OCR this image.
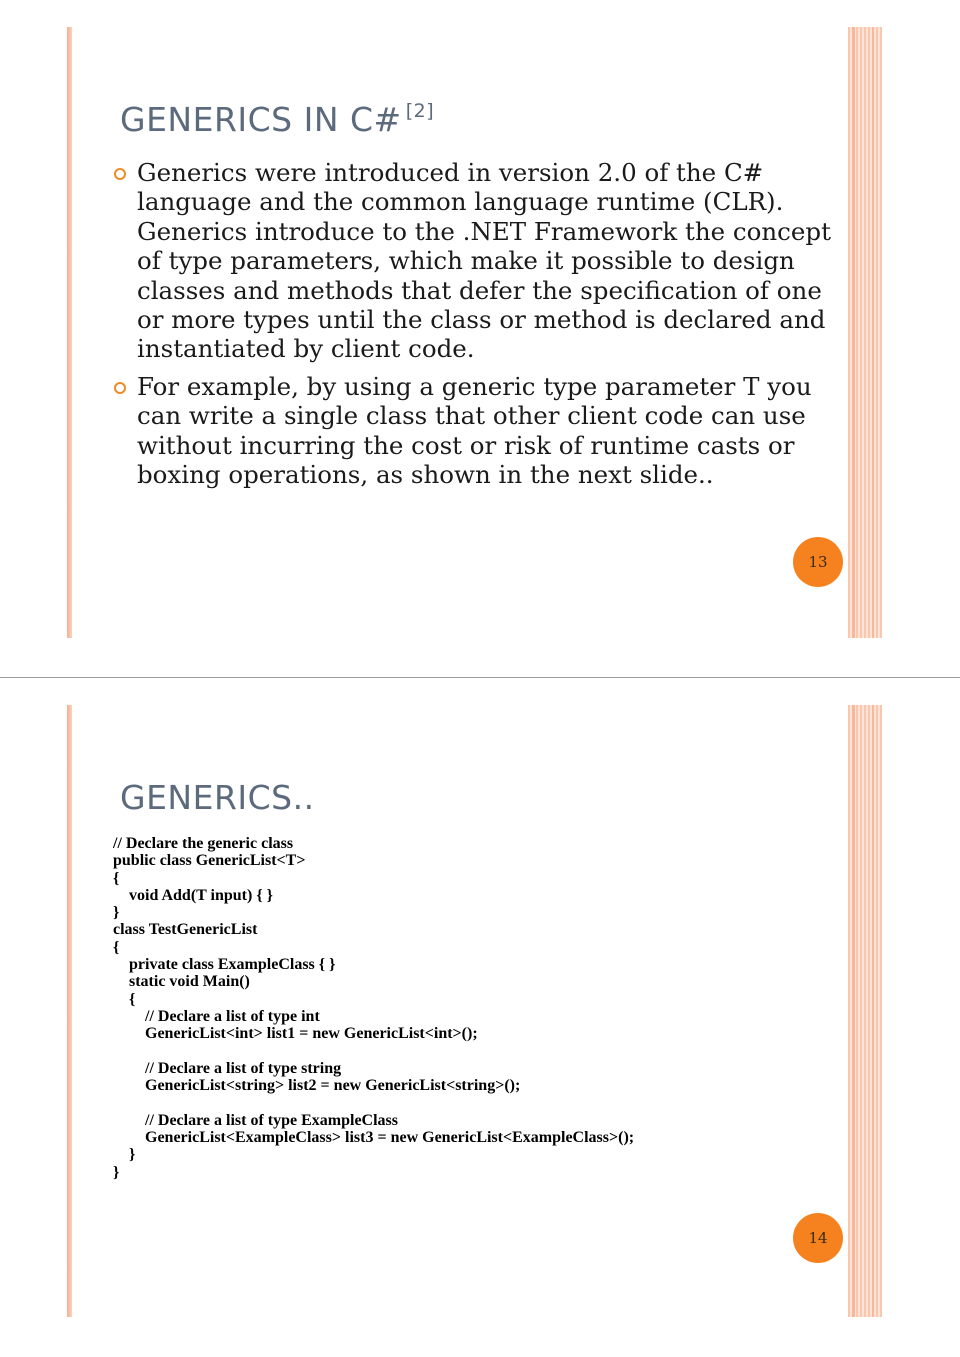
GENERICS IN C# [2]
Generics were introduced in version 2.0 of the C# language and the common language runtime (CLR). Generics introduce to the .NET Framework the concept of type parameters, which make it possible to design classes and methods that defer the specification of one or more types until the class or method is declared and instantiated by client code.
For example, by using a generic type parameter T you can write a single class that other client code can use without incurring the cost or risk of runtime casts or boxing operations, as shown in the next slide..
13
GENERICS..
// Declare the generic class
public class GenericList<T>
{
void Add(T input) { }
}
class TestGenericList
{
private class ExampleClass { }
static void Main()
{
// Declare a list of type int
GenericList<int> list1 = new GenericList<int>();
// Declare a list of type string
GenericList<string> list2 = new GenericList<string>();
// Declare a list of type ExampleClass
GenericList<ExampleClass> list3 = new GenericList<ExampleClass>();
}
}
14
